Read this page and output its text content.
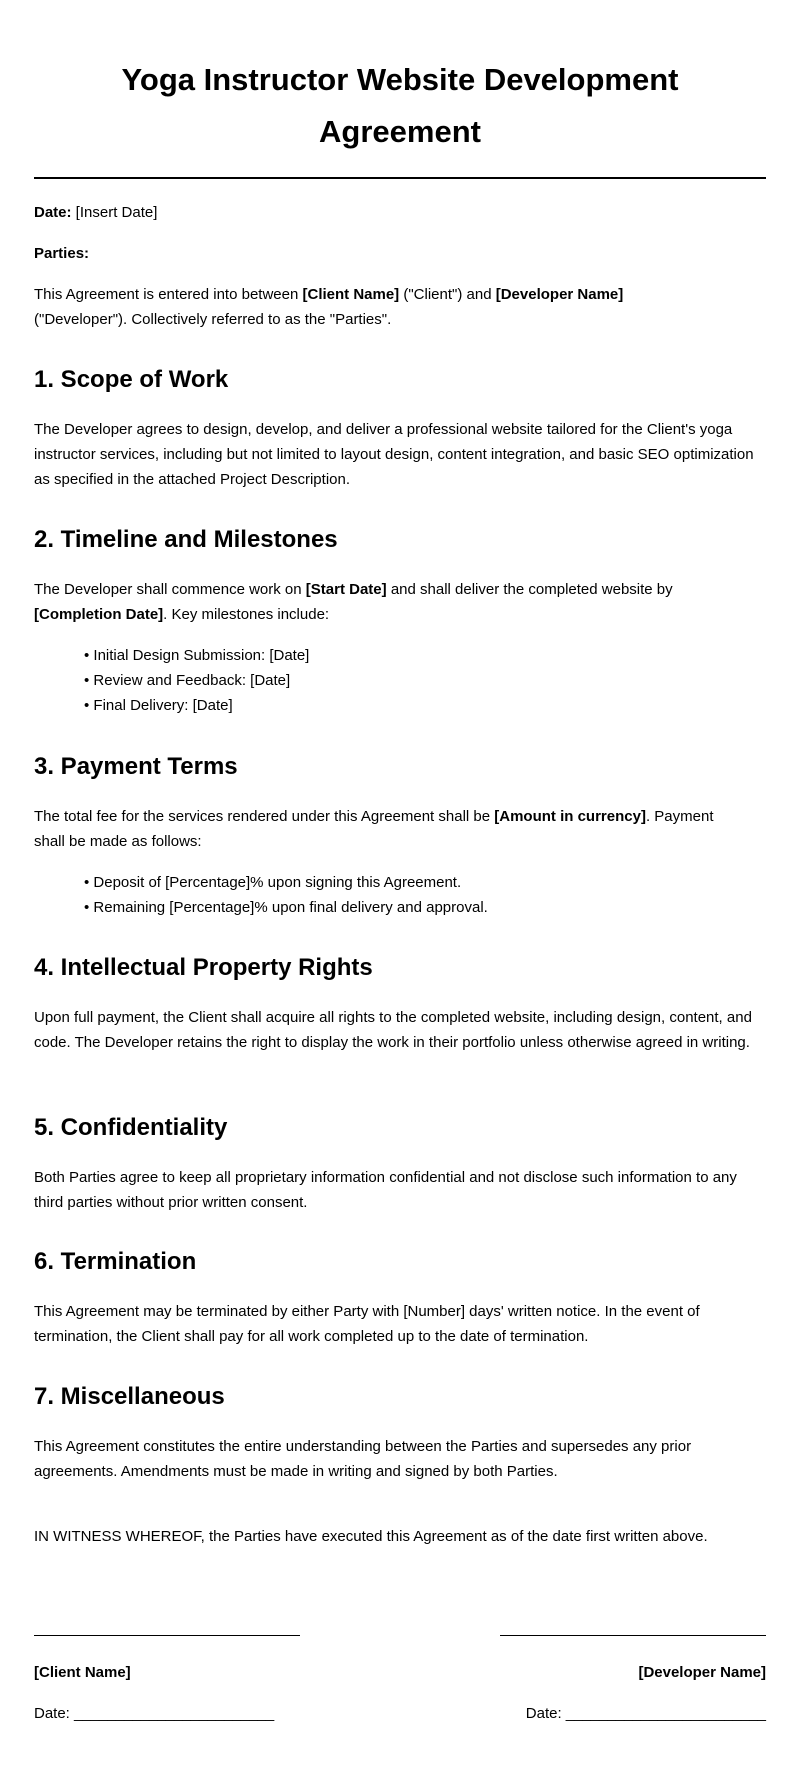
Yoga Instructor Website Development
Agreement

Date: [Insert Date]

Parties:

This Agreement is entered into between [Client Name] ("Client") and [Developer Name]
("Developer"). Collectively referred to as the "Parties".

1. Scope of Work

The Developer agrees to design, develop, and deliver a professional website tailored for the Client's yoga instructor services, including but not limited to layout design, content integration, and basic SEO optimization as specified in the attached Project Description.

2. Timeline and Milestones

The Developer shall commence work on [Start Date] and shall deliver the completed website by
[Completion Date]. Key milestones include:

• Initial Design Submission: [Date]
• Review and Feedback: [Date]
• Final Delivery: [Date]
3. Payment Terms

The total fee for the services rendered under this Agreement shall be [Amount in currency]. Payment
shall be made as follows:

• Deposit of [Percentage]% upon signing this Agreement.
• Remaining [Percentage]% upon final delivery and approval.
4. Intellectual Property Rights

Upon full payment, the Client shall acquire all rights to the completed website, including design, content, and code. The Developer retains the right to display the work in their portfolio unless otherwise agreed in writing.

5. Confidentiality

Both Parties agree to keep all proprietary information confidential and not disclose such information to any third parties without prior written consent.

6. Termination

This Agreement may be terminated by either Party with [Number] days' written notice. In the event of termination, the Client shall pay for all work completed up to the date of termination.

7. Miscellaneous

This Agreement constitutes the entire understanding between the Parties and supersedes any prior agreements. Amendments must be made in writing and signed by both Parties.

IN WITNESS WHEREOF, the Parties have executed this Agreement as of the date first written above.

[Client Name]	[Developer Name]
Date: ________________________	Date: ________________________
